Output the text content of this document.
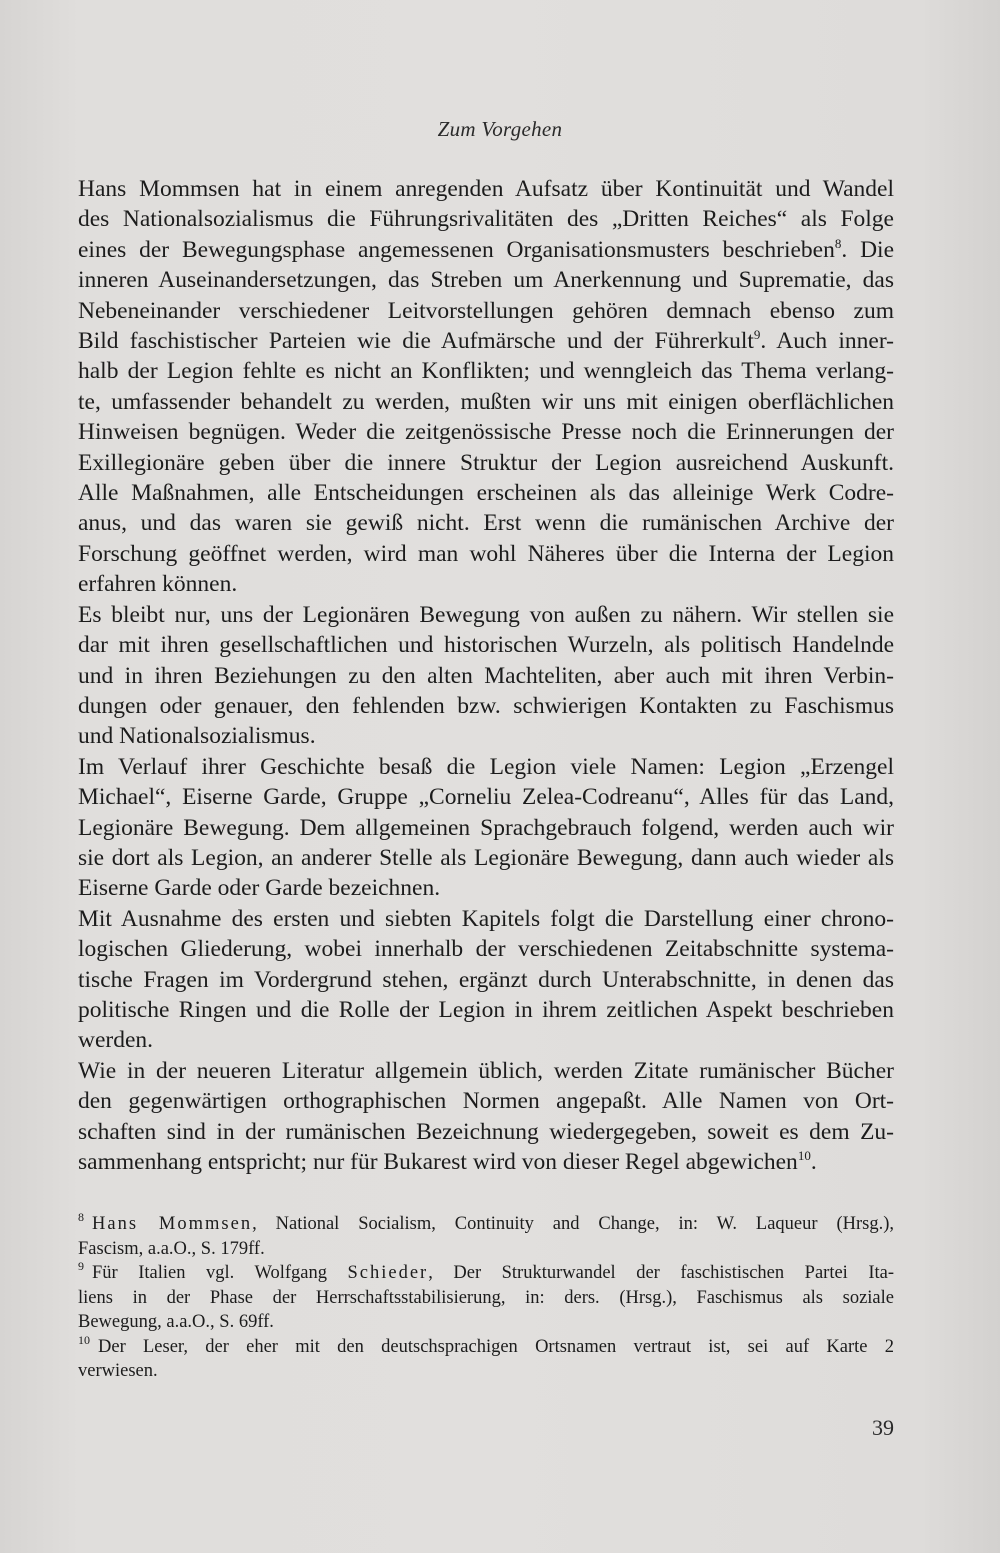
Zum Vorgehen

Hans Mommsen hat in einem anregenden Aufsatz über Kontinuität und Wandel
des Nationalsozialismus die Führungsrivalitäten des „Dritten Reiches“ als Folge
eines der Bewegungsphase angemessenen Organisationsmusters beschrieben$^8$. Die
inneren Auseinandersetzungen, das Streben um Anerkennung und Suprematie, das
Nebeneinander verschiedener Leitvorstellungen gehören demnach ebenso zum
Bild faschistischer Parteien wie die Aufmärsche und der Führerkult$^9$. Auch inner-
halb der Legion fehlte es nicht an Konflikten; und wenngleich das Thema verlang-
te, umfassender behandelt zu werden, mußten wir uns mit einigen oberflächlichen
Hinweisen begnügen. Weder die zeitgenössische Presse noch die Erinnerungen der
Exillegionäre geben über die innere Struktur der Legion ausreichend Auskunft.
Alle Maßnahmen, alle Entscheidungen erscheinen als das alleinige Werk Codre-
anus, und das waren sie gewiß nicht. Erst wenn die rumänischen Archive der
Forschung geöffnet werden, wird man wohl Näheres über die Interna der Legion
erfahren können.

Es bleibt nur, uns der Legionären Bewegung von außen zu nähern. Wir stellen sie
dar mit ihren gesellschaftlichen und historischen Wurzeln, als politisch Handelnde
und in ihren Beziehungen zu den alten Machteliten, aber auch mit ihren Verbin-
dungen oder genauer, den fehlenden bzw. schwierigen Kontakten zu Faschismus
und Nationalsozialismus.

Im Verlauf ihrer Geschichte besaß die Legion viele Namen: Legion „Erzengel
Michael“, Eiserne Garde, Gruppe „Corneliu Zelea-Codreanu“, Alles für das Land,
Legionäre Bewegung. Dem allgemeinen Sprachgebrauch folgend, werden auch wir
sie dort als Legion, an anderer Stelle als Legionäre Bewegung, dann auch wieder als
Eiserne Garde oder Garde bezeichnen.

Mit Ausnahme des ersten und siebten Kapitels folgt die Darstellung einer chrono-
logischen Gliederung, wobei innerhalb der verschiedenen Zeitabschnitte systema-
tische Fragen im Vordergrund stehen, ergänzt durch Unterabschnitte, in denen das
politische Ringen und die Rolle der Legion in ihrem zeitlichen Aspekt beschrieben
werden.

Wie in der neueren Literatur allgemein üblich, werden Zitate rumänischer Bücher
den gegenwärtigen orthographischen Normen angepaßt. Alle Namen von Ort-
schaften sind in der rumänischen Bezeichnung wiedergegeben, soweit es dem Zu-
sammenhang entspricht; nur für Bukarest wird von dieser Regel abgewichen$^{10}$.

$^8$ Hans Mommsen, National Socialism, Continuity and Change, in: W. Laqueur (Hrsg.),
Fascism, a.a.O., S. 179ff.

$^9$ Für Italien vgl. Wolfgang Schieder, Der Strukturwandel der faschistischen Partei Ita-
liens in der Phase der Herrschaftsstabilisierung, in: ders. (Hrsg.), Faschismus als soziale
Bewegung, a.a.O., S. 69ff.

$^{10}$ Der Leser, der eher mit den deutschsprachigen Ortsnamen vertraut ist, sei auf Karte 2
verwiesen.

39
